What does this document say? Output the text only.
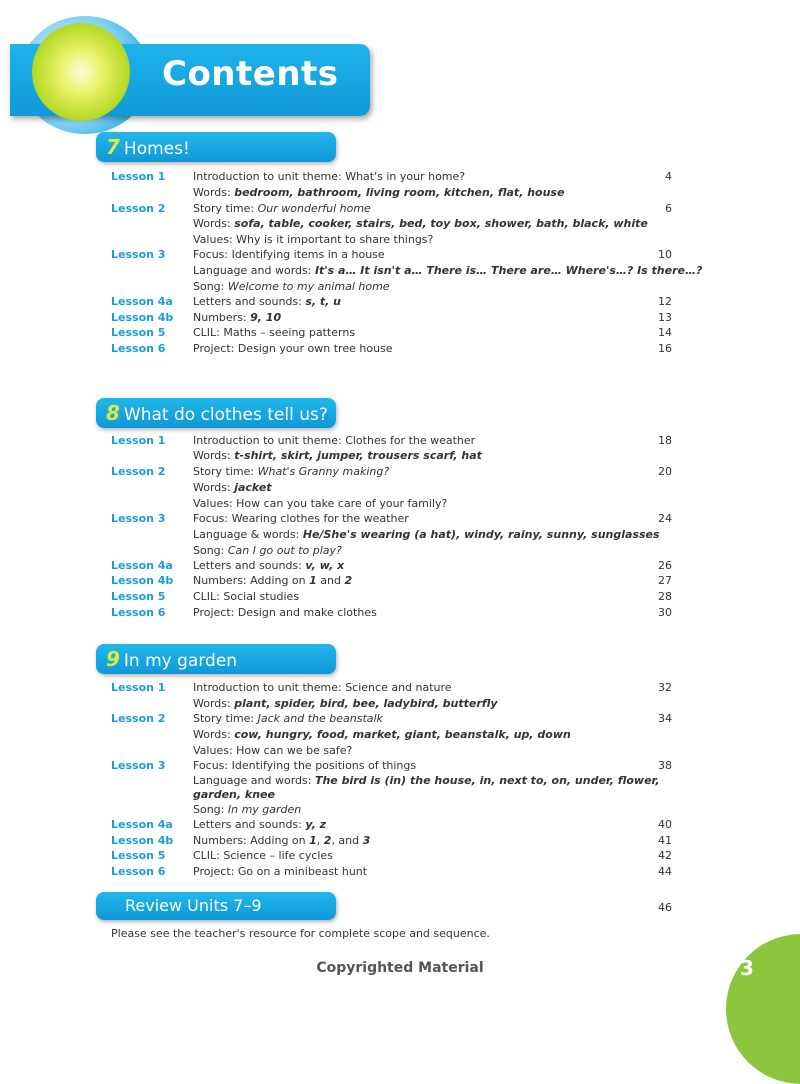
Contents
7 Homes!
Lesson 1	Introduction to unit theme: What's in your home?	4
Words: bedroom, bathroom, living room, kitchen, flat, house
Lesson 2	Story time: Our wonderful home	6
Words: sofa, table, cooker, stairs, bed, toy box, shower, bath, black, white
Values: Why is it important to share things?
Lesson 3	Focus: Identifying items in a house	10
Language and words: It's a… It isn't a… There is… There are… Where's…? Is there…?
Song: Welcome to my animal home
Lesson 4a Letters and sounds: s, t, u	12
Lesson 4b Numbers: 9, 10	13
Lesson 5	CLIL: Maths – seeing patterns	14
Lesson 6	Project: Design your own tree house	16
8 What do clothes tell us?
Lesson 1	Introduction to unit theme: Clothes for the weather	18
Words: t-shirt, skirt, jumper, trousers scarf, hat
Lesson 2	Story time: What's Granny making?	20
Words: jacket
Values: How can you take care of your family?
Lesson 3	Focus: Wearing clothes for the weather	24
Language & words: He/She's wearing (a hat), windy, rainy, sunny, sunglasses
Song: Can I go out to play?
Lesson 4a Letters and sounds: v, w, x	26
Lesson 4b Numbers: Adding on 1 and 2	27
Lesson 5	CLIL: Social studies	28
Lesson 6	Project: Design and make clothes	30
9 In my garden
Lesson 1	Introduction to unit theme: Science and nature	32
Words: plant, spider, bird, bee, ladybird, butterfly
Lesson 2	Story time: Jack and the beanstalk	34
Words: cow, hungry, food, market, giant, beanstalk, up, down
Values: How can we be safe?
Lesson 3	Focus: Identifying the positions of things	38
Language and words: The bird is (in) the house, in, next to, on, under, flower, garden, knee
Song: In my garden
Lesson 4a Letters and sounds: y, z	40
Lesson 4b Numbers: Adding on 1, 2, and 3	41
Lesson 5	CLIL: Science – life cycles	42
Lesson 6	Project: Go on a minibeast hunt	44
Review Units 7–9	46
Please see the teacher's resource for complete scope and sequence.
Copyrighted Material	3
